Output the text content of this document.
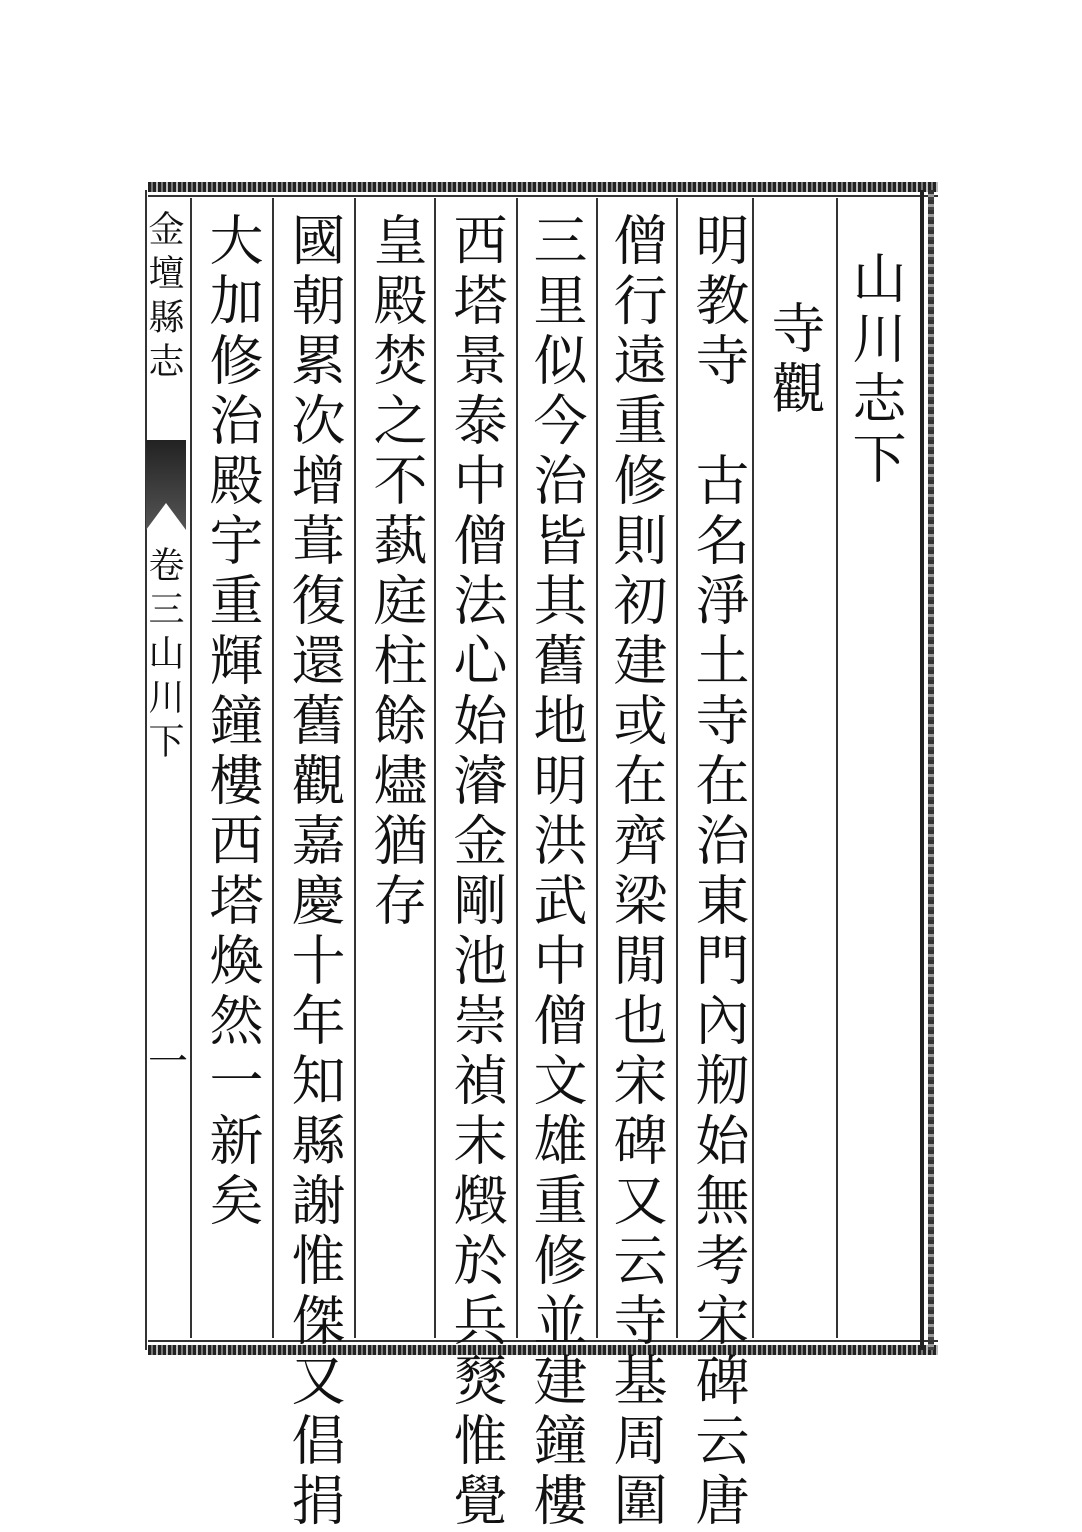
山川志下
寺觀
明教寺　古名淨土寺在治東門內剏始無考宋碑云唐
僧行遠重修則初建或在齊梁閒也宋碑又云寺基周圍
三里似今治皆其舊地明洪武中僧文雄重修並建鐘樓
西塔景泰中僧法心始濬金剛池崇禎末燬於兵燹惟覺
皇殿焚之不蓺庭柱餘燼猶存
國朝累次增葺復還舊觀嘉慶十年知縣謝惟傑又倡捐
大加修治殿宇重輝鐘樓西塔煥然一新矣
金壇縣志卷三山川下
一
